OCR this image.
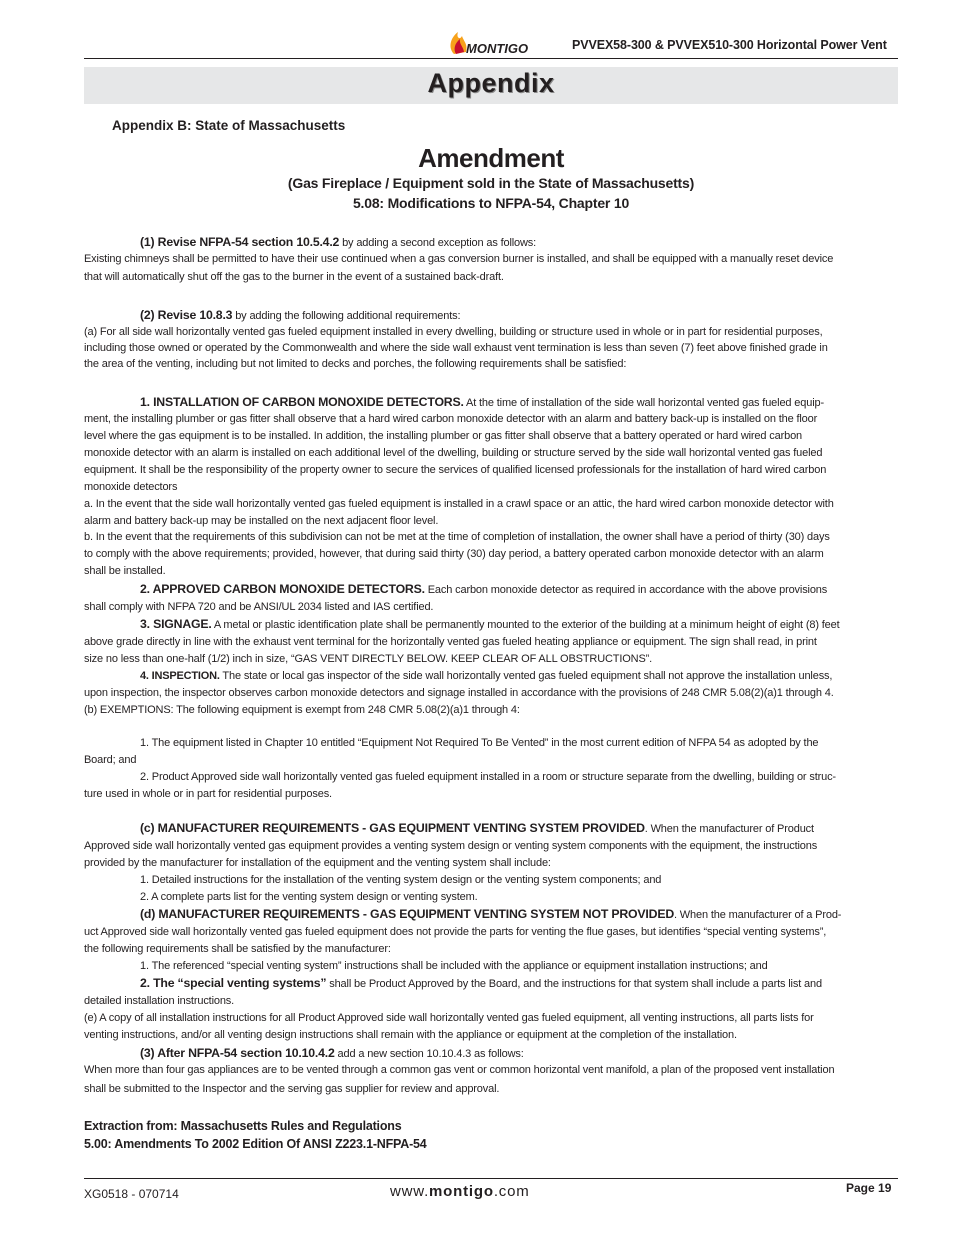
MONTIGO	PVVEX58-300 & PVVEX510-300 Horizontal Power Vent
Appendix
Appendix B: State of Massachusetts
Amendment
(Gas Fireplace / Equipment sold in the State of Massachusetts)
5.08: Modifications to NFPA-54, Chapter 10
(1) Revise NFPA-54 section 10.5.4.2 by adding a second exception as follows:
Existing chimneys shall be permitted to have their use continued when a gas conversion burner is installed, and shall be equipped with a manually reset device
that will automatically shut off the gas to the burner in the event of a sustained back-draft.
(2) Revise 10.8.3 by adding the following additional requirements:
(a) For all side wall horizontally vented gas fueled equipment installed in every dwelling, building or structure used in whole or in part for residential purposes,
including those owned or operated by the Commonwealth and where the side wall exhaust vent termination is less than seven (7) feet above finished grade in
the area of the venting, including but not limited to decks and porches, the following requirements shall be satisfied:
1. INSTALLATION OF CARBON MONOXIDE DETECTORS. At the time of installation of the side wall horizontal vented gas fueled equip-
ment, the installing plumber or gas fitter shall observe that a hard wired carbon monoxide detector with an alarm and battery back-up is installed on the floor
level where the gas equipment is to be installed. In addition, the installing plumber or gas fitter shall observe that a battery operated or hard wired carbon
monoxide detector with an alarm is installed on each additional level of the dwelling, building or structure served by the side wall horizontal vented gas fueled
equipment. It shall be the responsibility of the property owner to secure the services of qualified licensed professionals for the installation of hard wired carbon
monoxide detectors
a. In the event that the side wall horizontally vented gas fueled equipment is installed in a crawl space or an attic, the hard wired carbon monoxide detector with
alarm and battery back-up may be installed on the next adjacent floor level.
b. In the event that the requirements of this subdivision can not be met at the time of completion of installation, the owner shall have a period of thirty (30) days
to comply with the above requirements; provided, however, that during said thirty (30) day period, a battery operated carbon monoxide detector with an alarm
shall be installed.
2. APPROVED CARBON MONOXIDE DETECTORS. Each carbon monoxide detector as required in accordance with the above provisions
shall comply with NFPA 720 and be ANSI/UL 2034 listed and IAS certified.
3. SIGNAGE. A metal or plastic identification plate shall be permanently mounted to the exterior of the building at a minimum height of eight (8) feet
above grade directly in line with the exhaust vent terminal for the horizontally vented gas fueled heating appliance or equipment. The sign shall read, in print
size no less than one-half (1/2) inch in size, “GAS VENT DIRECTLY BELOW. KEEP CLEAR OF ALL OBSTRUCTIONS”.
4. INSPECTION. The state or local gas inspector of the side wall horizontally vented gas fueled equipment shall not approve the installation unless,
upon inspection, the inspector observes carbon monoxide detectors and signage installed in accordance with the provisions of 248 CMR 5.08(2)(a)1 through 4.
(b) EXEMPTIONS: The following equipment is exempt from 248 CMR 5.08(2)(a)1 through 4:
1. The equipment listed in Chapter 10 entitled “Equipment Not Required To Be Vented” in the most current edition of NFPA 54 as adopted by the
Board; and
2. Product Approved side wall horizontally vented gas fueled equipment installed in a room or structure separate from the dwelling, building or struc-
ture used in whole or in part for residential purposes.
(c) MANUFACTURER REQUIREMENTS - GAS EQUIPMENT VENTING SYSTEM PROVIDED. When the manufacturer of Product
Approved side wall horizontally vented gas equipment provides a venting system design or venting system components with the equipment, the instructions
provided by the manufacturer for installation of the equipment and the venting system shall include:
1. Detailed instructions for the installation of the venting system design or the venting system components; and
2. A complete parts list for the venting system design or venting system.
(d) MANUFACTURER REQUIREMENTS - GAS EQUIPMENT VENTING SYSTEM NOT PROVIDED. When the manufacturer of a Prod-
uct Approved side wall horizontally vented gas fueled equipment does not provide the parts for venting the flue gases, but identifies “special venting systems”,
the following requirements shall be satisfied by the manufacturer:
1. The referenced “special venting system” instructions shall be included with the appliance or equipment installation instructions; and
2. The “special venting systems” shall be Product Approved by the Board, and the instructions for that system shall include a parts list and
detailed installation instructions.
(e) A copy of all installation instructions for all Product Approved side wall horizontally vented gas fueled equipment, all venting instructions, all parts lists for
venting instructions, and/or all venting design instructions shall remain with the appliance or equipment at the completion of the installation.
(3) After NFPA-54 section 10.10.4.2 add a new section 10.10.4.3 as follows:
When more than four gas appliances are to be vented through a common gas vent or common horizontal vent manifold, a plan of the proposed vent installation
shall be submitted to the Inspector and the serving gas supplier for review and approval.
Extraction from: Massachusetts Rules and Regulations
5.00: Amendments To 2002 Edition Of ANSI Z223.1-NFPA-54
XG0518 - 070714	www.montigo.com	Page 19
